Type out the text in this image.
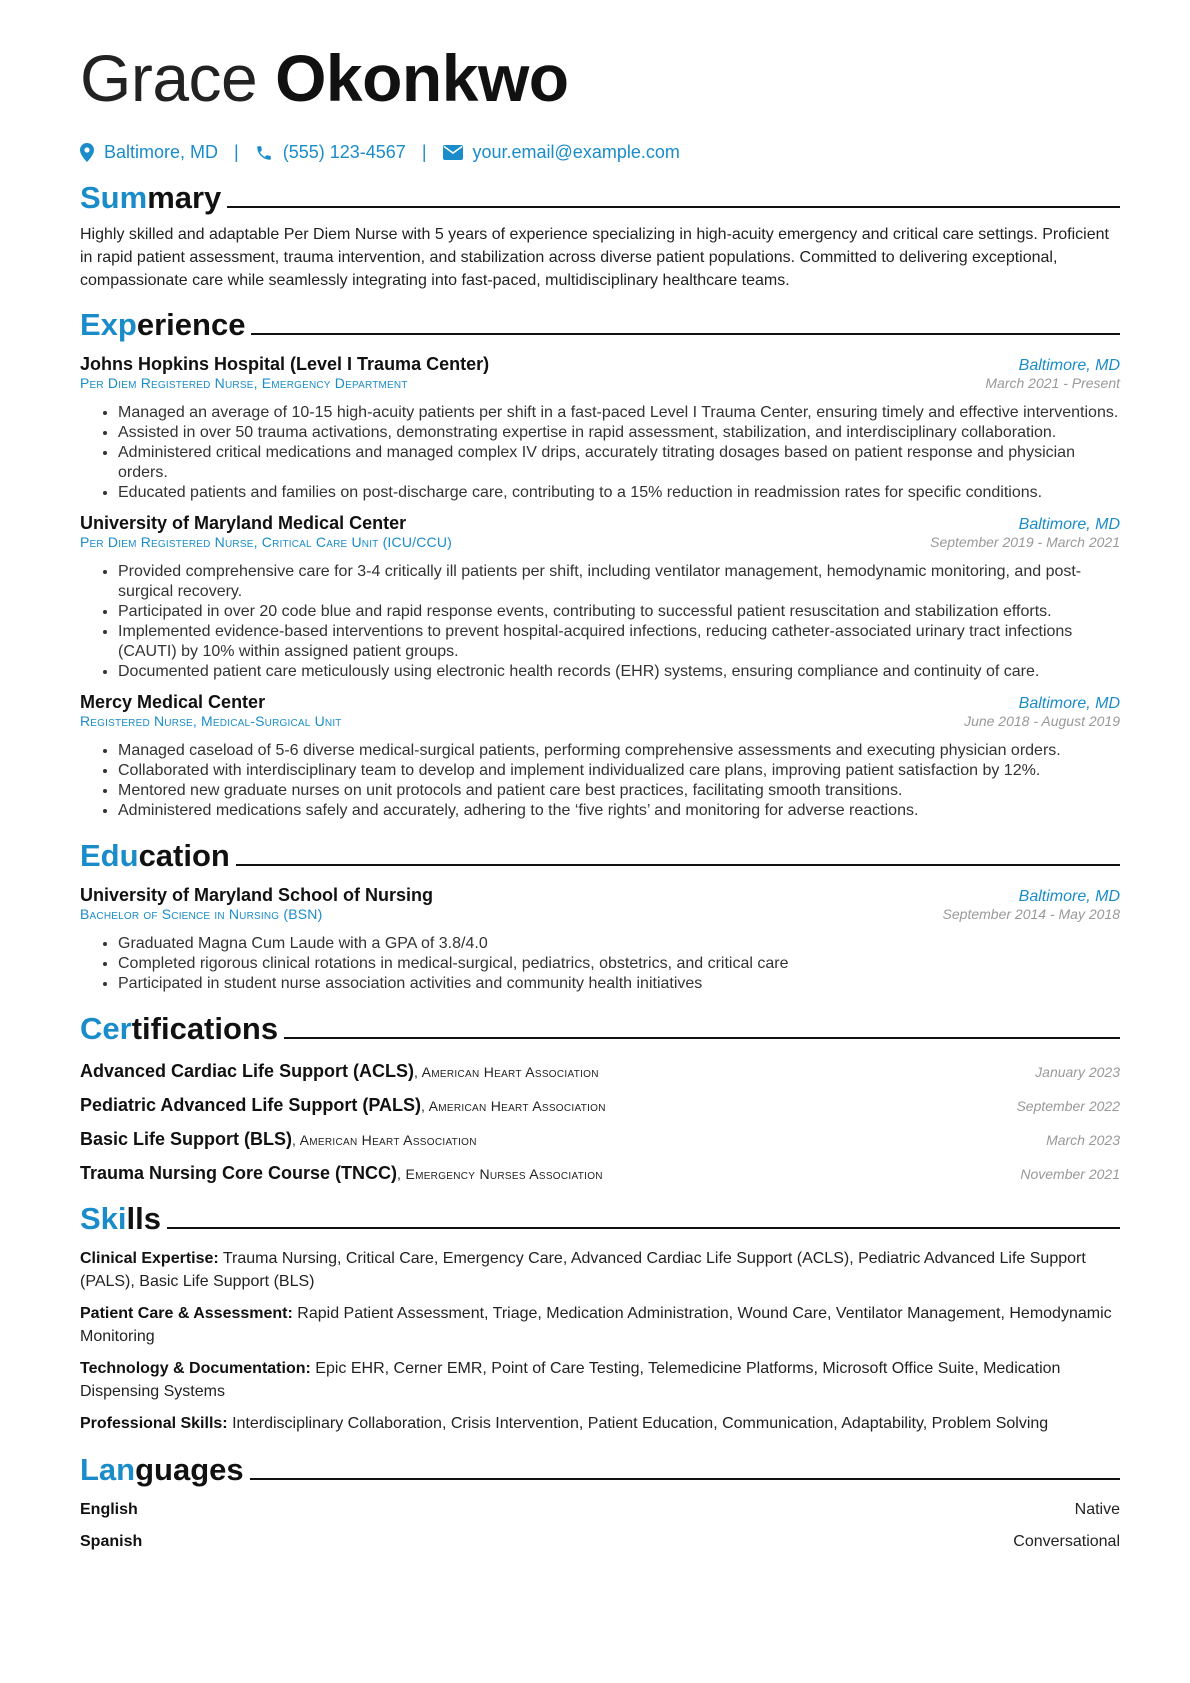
Grace Okonkwo
Baltimore, MD | (555) 123-4567 |	your.email@example.com
Summary

Highly skilled and adaptable Per Diem Nurse with 5 years of experience specializing in high-acuity emergency and critical care settings. Proficient in rapid patient assessment, trauma intervention, and stabilization across diverse patient populations. Committed to delivering exceptional, compassionate care while seamlessly integrating into fast-paced, multidisciplinary healthcare teams.

Experience
Johns Hopkins Hospital (Level I Trauma Center)	Baltimore, MD
Per Diem Registered Nurse, Emergency Department	March 2021 - Present
• Managed an average of 10-15 high-acuity patients per shift in a fast-paced Level I Trauma Center, ensuring timely and effective interventions.
• Assisted in over 50 trauma activations, demonstrating expertise in rapid assessment, stabilization, and interdisciplinary collaboration.
• Administered critical medications and managed complex IV drips, accurately titrating dosages based on patient response and physician orders.
• Educated patients and families on post-discharge care, contributing to a 15% reduction in readmission rates for specific conditions.
University of Maryland Medical Center	Baltimore, MD
Per Diem Registered Nurse, Critical Care Unit (ICU/CCU)	September 2019 - March 2021
• Provided comprehensive care for 3-4 critically ill patients per shift, including ventilator management, hemodynamic monitoring, and post-surgical recovery.
• Participated in over 20 code blue and rapid response events, contributing to successful patient resuscitation and stabilization efforts.
• Implemented evidence-based interventions to prevent hospital-acquired infections, reducing catheter-associated urinary tract infections (CAUTI) by 10% within assigned patient groups.
• Documented patient care meticulously using electronic health records (EHR) systems, ensuring compliance and continuity of care.
Mercy Medical Center	Baltimore, MD
Registered Nurse, Medical-Surgical Unit	June 2018 - August 2019
• Managed caseload of 5-6 diverse medical-surgical patients, performing comprehensive assessments and executing physician orders.
• Collaborated with interdisciplinary team to develop and implement individualized care plans, improving patient satisfaction by 12%.
• Mentored new graduate nurses on unit protocols and patient care best practices, facilitating smooth transitions.
• Administered medications safely and accurately, adhering to the ‘five rights’ and monitoring for adverse reactions.
Education
University of Maryland School of Nursing	Baltimore, MD
Bachelor of Science in Nursing (BSN)	September 2014 - May 2018
• Graduated Magna Cum Laude with a GPA of 3.8/4.0
• Completed rigorous clinical rotations in medical-surgical, pediatrics, obstetrics, and critical care
• Participated in student nurse association activities and community health initiatives
Certifications
Advanced Cardiac Life Support (ACLS), American Heart Association	January 2023
Pediatric Advanced Life Support (PALS), American Heart Association	September 2022
Basic Life Support (BLS), American Heart Association	March 2023
Trauma Nursing Core Course (TNCC), Emergency Nurses Association	November 2021
Skills
Clinical Expertise: Trauma Nursing, Critical Care, Emergency Care, Advanced Cardiac Life Support (ACLS), Pediatric Advanced Life Support (PALS), Basic Life Support (BLS)
Patient Care & Assessment: Rapid Patient Assessment, Triage, Medication Administration, Wound Care, Ventilator Management, Hemodynamic Monitoring
Technology & Documentation: Epic EHR, Cerner EMR, Point of Care Testing, Telemedicine Platforms, Microsoft Office Suite, Medication Dispensing Systems
Professional Skills: Interdisciplinary Collaboration, Crisis Intervention, Patient Education, Communication, Adaptability, Problem Solving
Languages
English	Native
Spanish	Conversational
